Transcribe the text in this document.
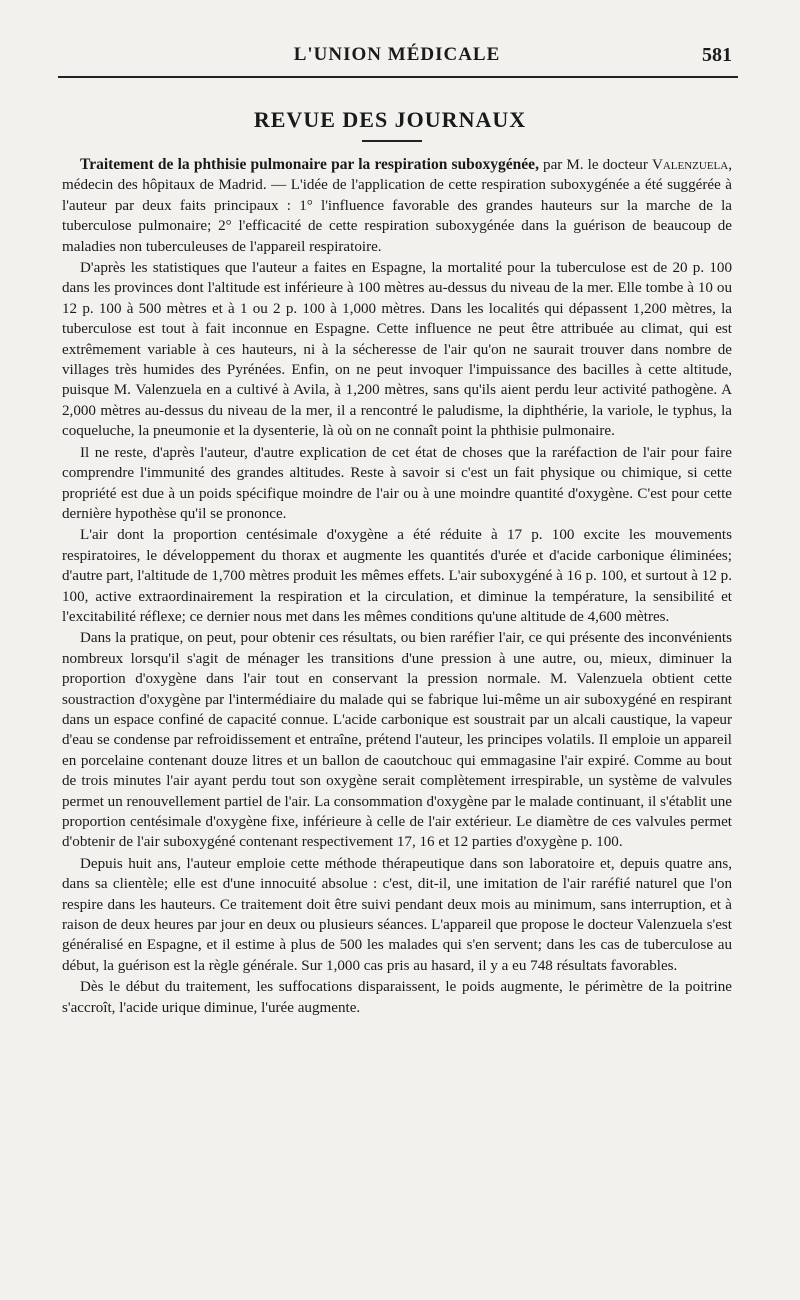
L'UNION MÉDICALE	581
REVUE DES JOURNAUX

Traitement de la phthisie pulmonaire par la respiration suboxygénée, par M. le docteur Valenzuela, médecin des hôpitaux de Madrid. — L'idée de l'application de cette respiration suboxygénée a été suggérée à l'auteur par deux faits principaux : 1° l'influence favorable des grandes hauteurs sur la marche de la tuberculose pulmonaire; 2° l'efficacité de cette respiration suboxygénée dans la guérison de beaucoup de maladies non tuberculeuses de l'appareil respiratoire.

D'après les statistiques que l'auteur a faites en Espagne, la mortalité pour la tuberculose est de 20 p. 100 dans les provinces dont l'altitude est inférieure à 100 mètres au-dessus du niveau de la mer. Elle tombe à 10 ou 12 p. 100 à 500 mètres et à 1 ou 2 p. 100 à 1,000 mètres. Dans les localités qui dépassent 1,200 mètres, la tuberculose est tout à fait inconnue en Espagne. Cette influence ne peut être attribuée au climat, qui est extrêmement variable à ces hauteurs, ni à la sécheresse de l'air qu'on ne saurait trouver dans nombre de villages très humides des Pyrénées. Enfin, on ne peut invoquer l'impuissance des bacilles à cette altitude, puisque M. Valenzuela en a cultivé à Avila, à 1,200 mètres, sans qu'ils aient perdu leur activité pathogène. A 2,000 mètres au-dessus du niveau de la mer, il a rencontré le paludisme, la diphthérie, la variole, le typhus, la coqueluche, la pneumonie et la dysenterie, là où on ne connaît point la phthisie pulmonaire.

Il ne reste, d'après l'auteur, d'autre explication de cet état de choses que la raréfaction de l'air pour faire comprendre l'immunité des grandes altitudes. Reste à savoir si c'est un fait physique ou chimique, si cette propriété est due à un poids spécifique moindre de l'air ou à une moindre quantité d'oxygène. C'est pour cette dernière hypothèse qu'il se prononce.

L'air dont la proportion centésimale d'oxygène a été réduite à 17 p. 100 excite les mouvements respiratoires, le développement du thorax et augmente les quantités d'urée et d'acide carbonique éliminées; d'autre part, l'altitude de 1,700 mètres produit les mêmes effets. L'air suboxygéné à 16 p. 100, et surtout à 12 p. 100, active extraordinairement la respiration et la circulation, et diminue la température, la sensibilité et l'excitabilité réflexe; ce dernier nous met dans les mêmes conditions qu'une altitude de 4,600 mètres.

Dans la pratique, on peut, pour obtenir ces résultats, ou bien raréfier l'air, ce qui présente des inconvénients nombreux lorsqu'il s'agit de ménager les transitions d'une pression à une autre, ou, mieux, diminuer la proportion d'oxygène dans l'air tout en conservant la pression normale. M. Valenzuela obtient cette soustraction d'oxygène par l'intermédiaire du malade qui se fabrique lui-même un air suboxygéné en respirant dans un espace confiné de capacité connue. L'acide carbonique est soustrait par un alcali caustique, la vapeur d'eau se condense par refroidissement et entraîne, prétend l'auteur, les principes volatils. Il emploie un appareil en porcelaine contenant douze litres et un ballon de caoutchouc qui emmagasine l'air expiré. Comme au bout de trois minutes l'air ayant perdu tout son oxygène serait complètement irrespirable, un système de valvules permet un renouvellement partiel de l'air. La consommation d'oxygène par le malade continuant, il s'établit une proportion centésimale d'oxygène fixe, inférieure à celle de l'air extérieur. Le diamètre de ces valvules permet d'obtenir de l'air suboxygéné contenant respectivement 17, 16 et 12 parties d'oxygène p. 100.

Depuis huit ans, l'auteur emploie cette méthode thérapeutique dans son laboratoire et, depuis quatre ans, dans sa clientèle; elle est d'une innocuité absolue : c'est, dit-il, une imitation de l'air raréfié naturel que l'on respire dans les hauteurs. Ce traitement doit être suivi pendant deux mois au minimum, sans interruption, et à raison de deux heures par jour en deux ou plusieurs séances. L'appareil que propose le docteur Valenzuela s'est généralisé en Espagne, et il estime à plus de 500 les malades qui s'en servent; dans les cas de tuberculose au début, la guérison est la règle générale. Sur 1,000 cas pris au hasard, il y a eu 748 résultats favorables.

Dès le début du traitement, les suffocations disparaissent, le poids augmente, le périmètre de la poitrine s'accroît, l'acide urique diminue, l'urée augmente.
